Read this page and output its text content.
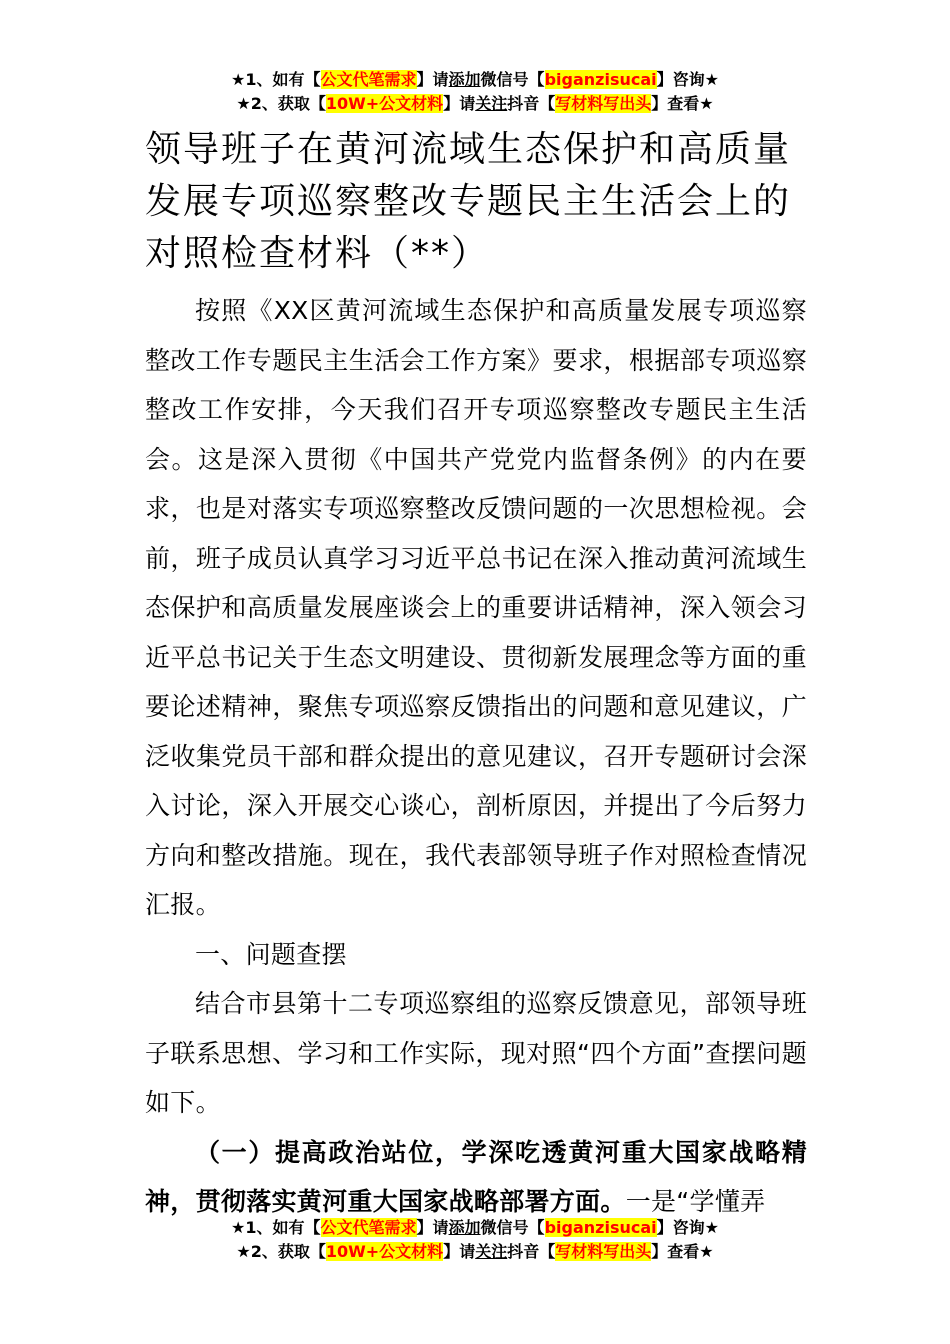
★1、如有【公文代笔需求】请添加微信号【biganzisucai】咨询★
★2、获取【10W+公文材料】请关注抖音【写材料写出头】查看★
领导班子在黄河流域生态保护和高质量发展专项巡察整改专题民主生活会上的对照检查材料（**）

按照《XX区黄河流域生态保护和高质量发展专项巡察整改工作专题民主生活会工作方案》要求，根据部专项巡察整改工作安排，今天我们召开专项巡察整改专题民主生活会。这是深入贯彻《中国共产党党内监督条例》的内在要求，也是对落实专项巡察整改反馈问题的一次思想检视。会前，班子成员认真学习习近平总书记在深入推动黄河流域生态保护和高质量发展座谈会上的重要讲话精神，深入领会习近平总书记关于生态文明建设、贯彻新发展理念等方面的重要论述精神，聚焦专项巡察反馈指出的问题和意见建议，广泛收集党员干部和群众提出的意见建议，召开专题研讨会深入讨论，深入开展交心谈心，剖析原因，并提出了今后努力方向和整改措施。现在，我代表部领导班子作对照检查情况汇报。

一、问题查摆

结合市县第十二专项巡察组的巡察反馈意见，部领导班子联系思想、学习和工作实际，现对照“四个方面”查摆问题如下。

（一）提高政治站位，学深吃透黄河重大国家战略精神，贯彻落实黄河重大国家战略部署方面。一是“学懂弄

★1、如有【公文代笔需求】请添加微信号【biganzisucai】咨询★
★2、获取【10W+公文材料】请关注抖音【写材料写出头】查看★
